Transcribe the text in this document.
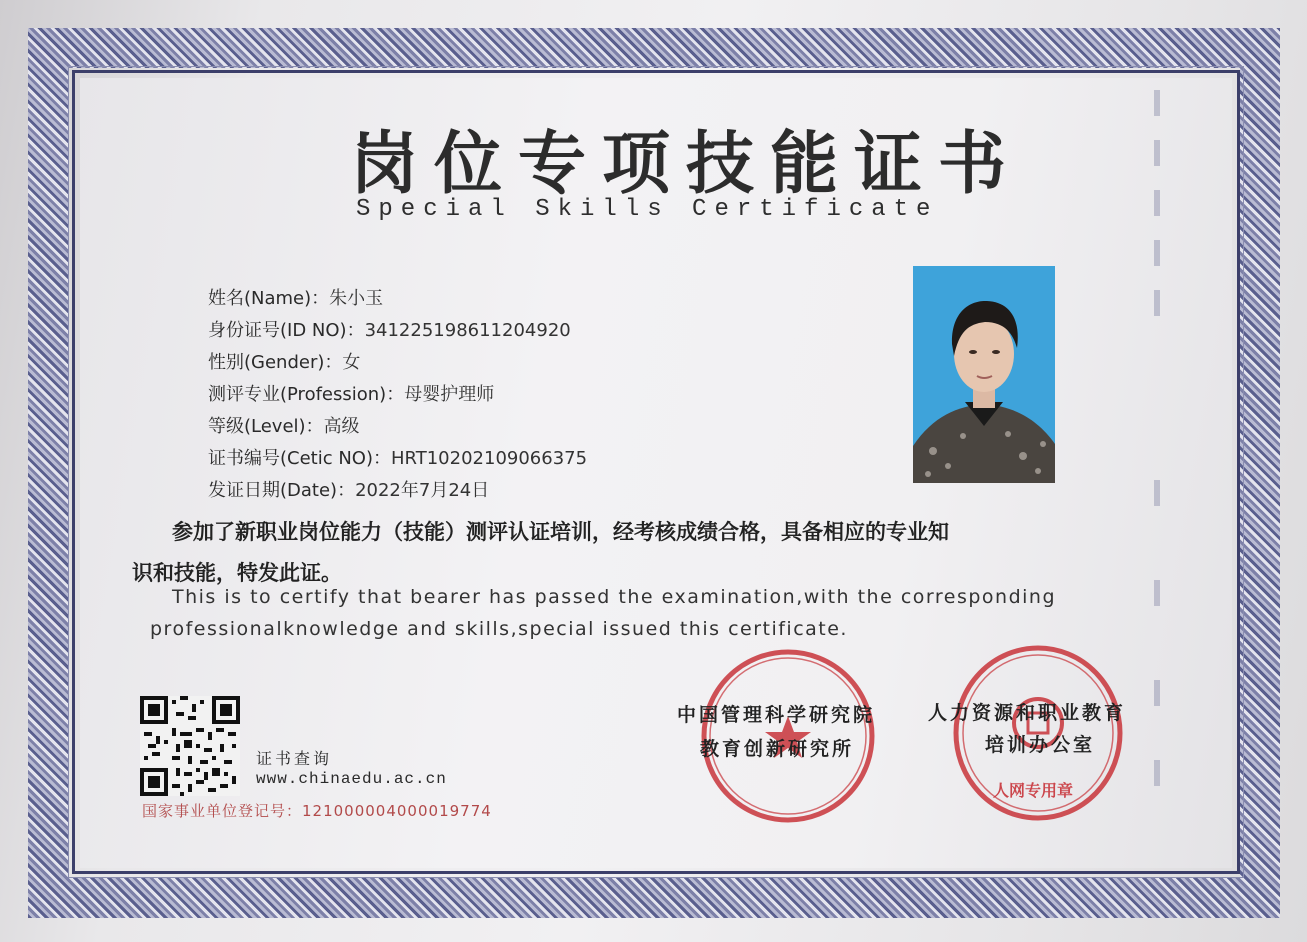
岗位专项技能证书
Special Skills Certificate
姓名(Name)：朱小玉
身份证号(ID NO)：341225198611204920
性别(Gender)：女
测评专业(Profession)：母婴护理师
等级(Level)：高级
证书编号(Cetic NO)：HRT10202109066375
发证日期(Date)：2022年7月24日
参加了新职业岗位能力（技能）测评认证培训，经考核成绩合格，具备相应的专业知
识和技能，特发此证。
This is to certify that bearer has passed the examination,with the corresponding
professionalknowledge and skills,special issued this certificate.
证书查询
www.chinaedu.ac.cn
国家事业单位登记号：121000004000019774
人网专用章
中国管理科学研究院
教育创新研究所
人力资源和职业教育
培训办公室
